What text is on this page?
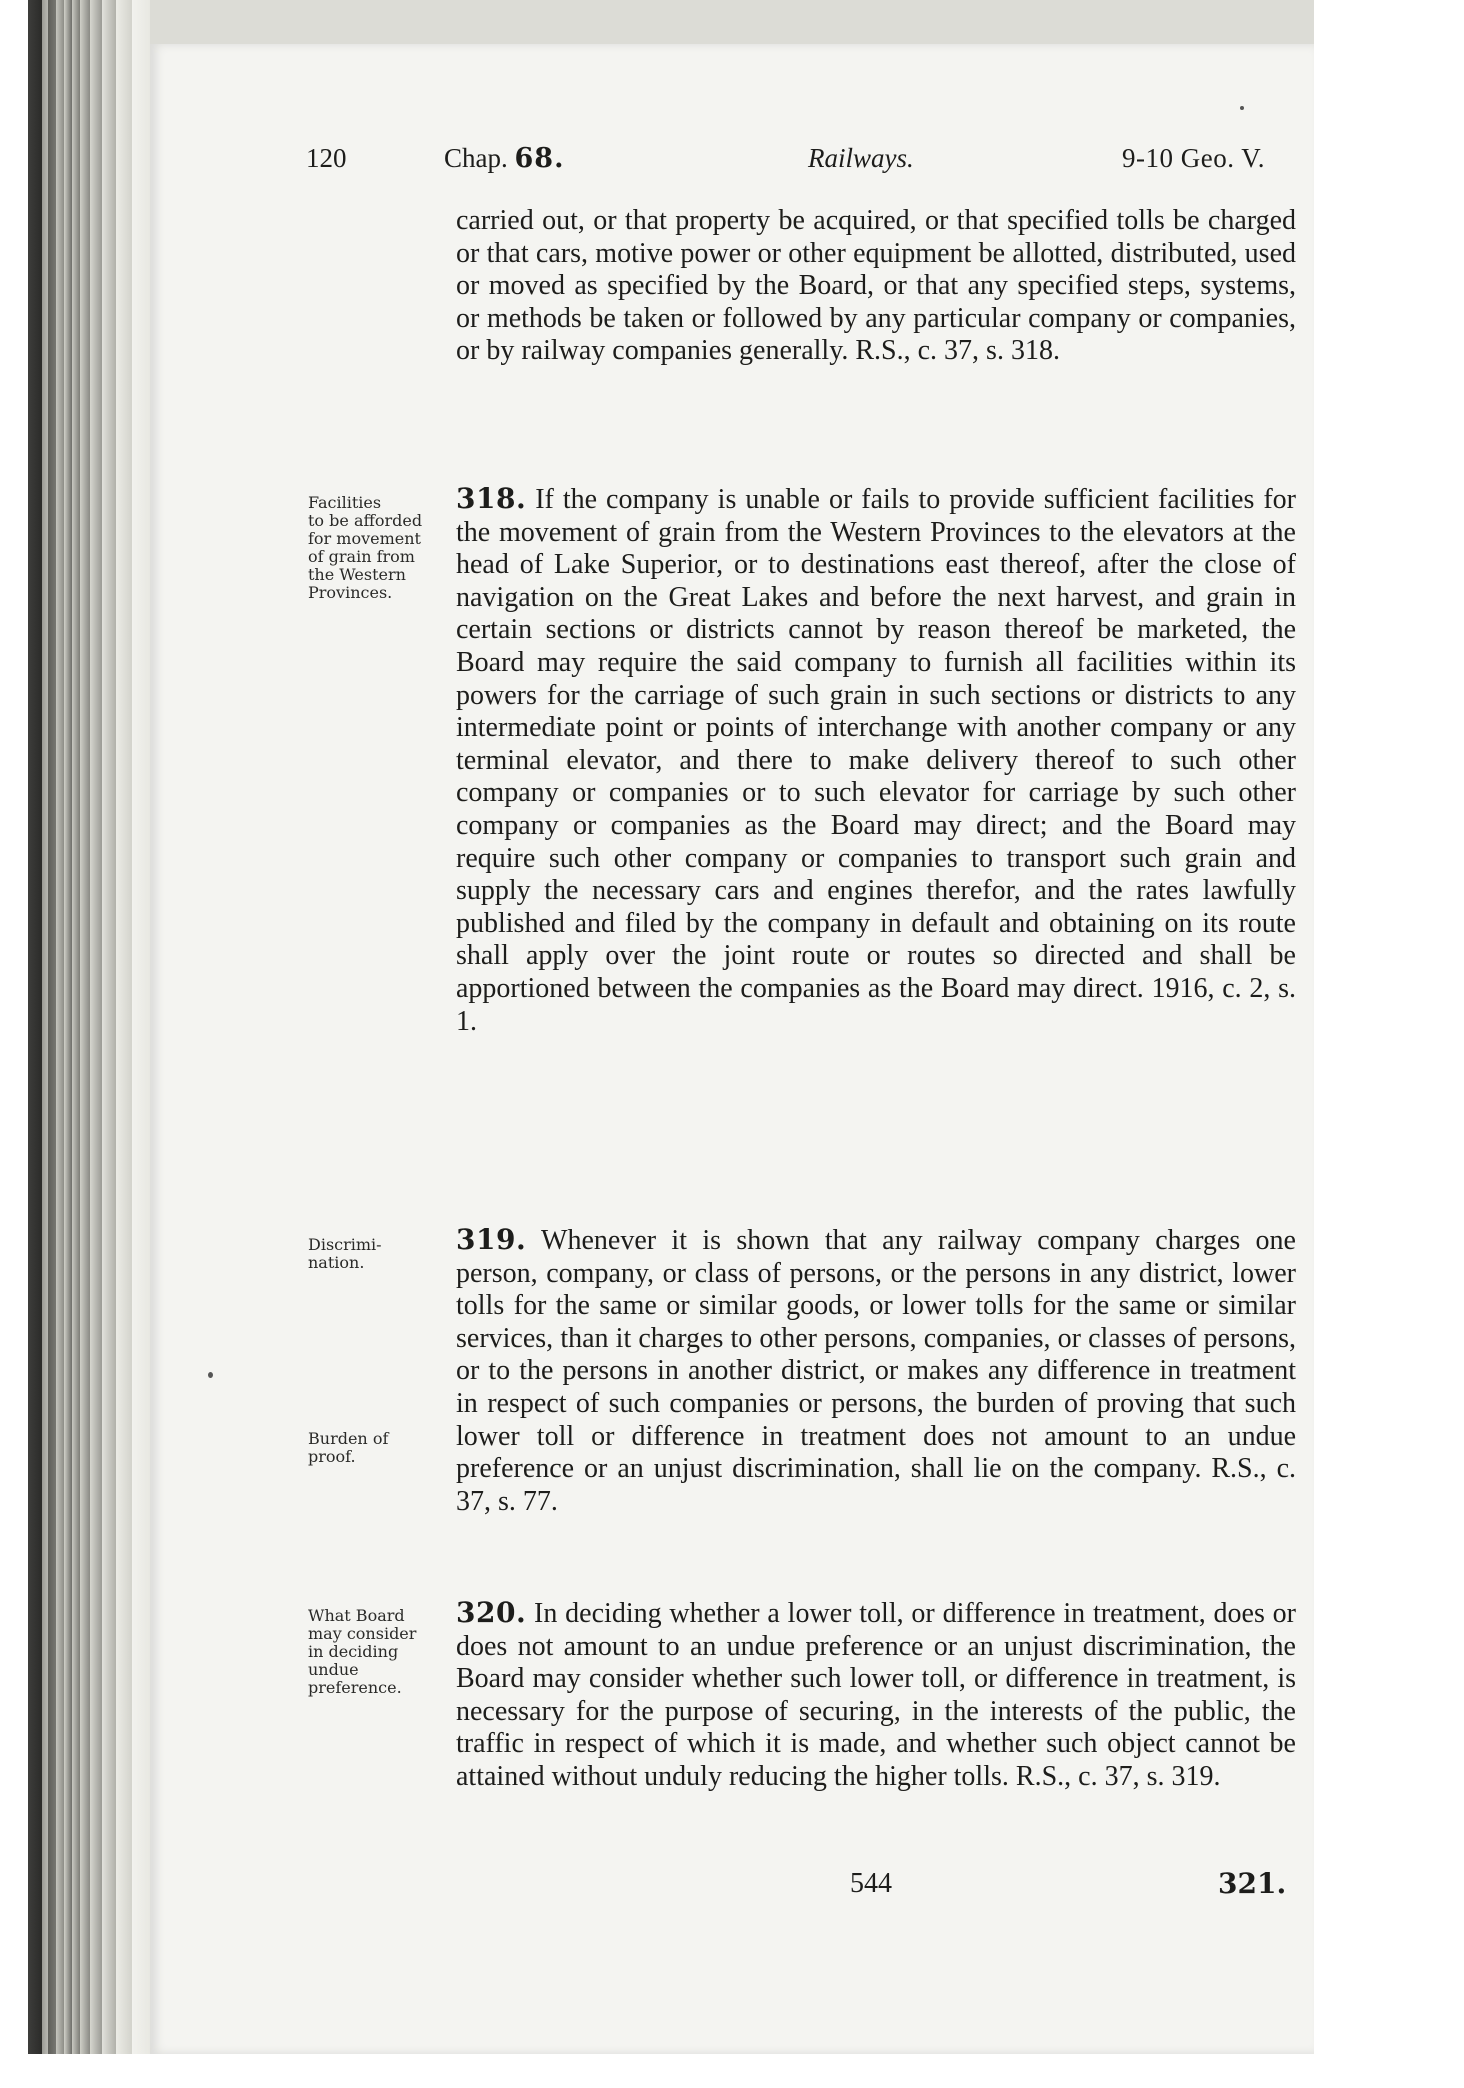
120	Chap. 68.	Railways.	9-10 Geo. V.

carried out, or that property be acquired, or that specified tolls be charged or that cars, motive power or other equipment be allotted, distributed, used or moved as specified by the Board, or that any specified steps, systems, or methods be taken or followed by any particular company or companies, or by railway companies generally. R.S., c. 37, s. 318.

Facilities
to be afforded
for movement
of grain from
the Western
Provinces.

318. If the company is unable or fails to provide sufficient facilities for the movement of grain from the Western Provinces to the elevators at the head of Lake Superior, or to destinations east thereof, after the close of navigation on the Great Lakes and before the next harvest, and grain in certain sections or districts cannot by reason thereof be marketed, the Board may require the said company to furnish all facilities within its powers for the carriage of such grain in such sections or districts to any intermediate point or points of interchange with another company or any terminal elevator, and there to make delivery thereof to such other company or companies or to such elevator for carriage by such other company or companies as the Board may direct; and the Board may require such other company or companies to transport such grain and supply the necessary cars and engines therefor, and the rates lawfully published and filed by the company in default and obtaining on its route shall apply over the joint route or routes so directed and shall be apportioned between the companies as the Board may direct. 1916, c. 2, s. 1.

Discrimi-
nation.
Burden of
proof.

319. Whenever it is shown that any railway company charges one person, company, or class of persons, or the persons in any district, lower tolls for the same or similar goods, or lower tolls for the same or similar services, than it charges to other persons, companies, or classes of persons, or to the persons in another district, or makes any difference in treatment in respect of such companies or persons, the burden of proving that such lower toll or difference in treatment does not amount to an undue preference or an unjust discrimination, shall lie on the company. R.S., c. 37, s. 77.

What Board
may consider
in deciding
undue
preference.

320. In deciding whether a lower toll, or difference in treatment, does or does not amount to an undue preference or an unjust discrimination, the Board may consider whether such lower toll, or difference in treatment, is necessary for the purpose of securing, in the interests of the public, the traffic in respect of which it is made, and whether such object cannot be attained without unduly reducing the higher tolls. R.S., c. 37, s. 319.

544	321.
